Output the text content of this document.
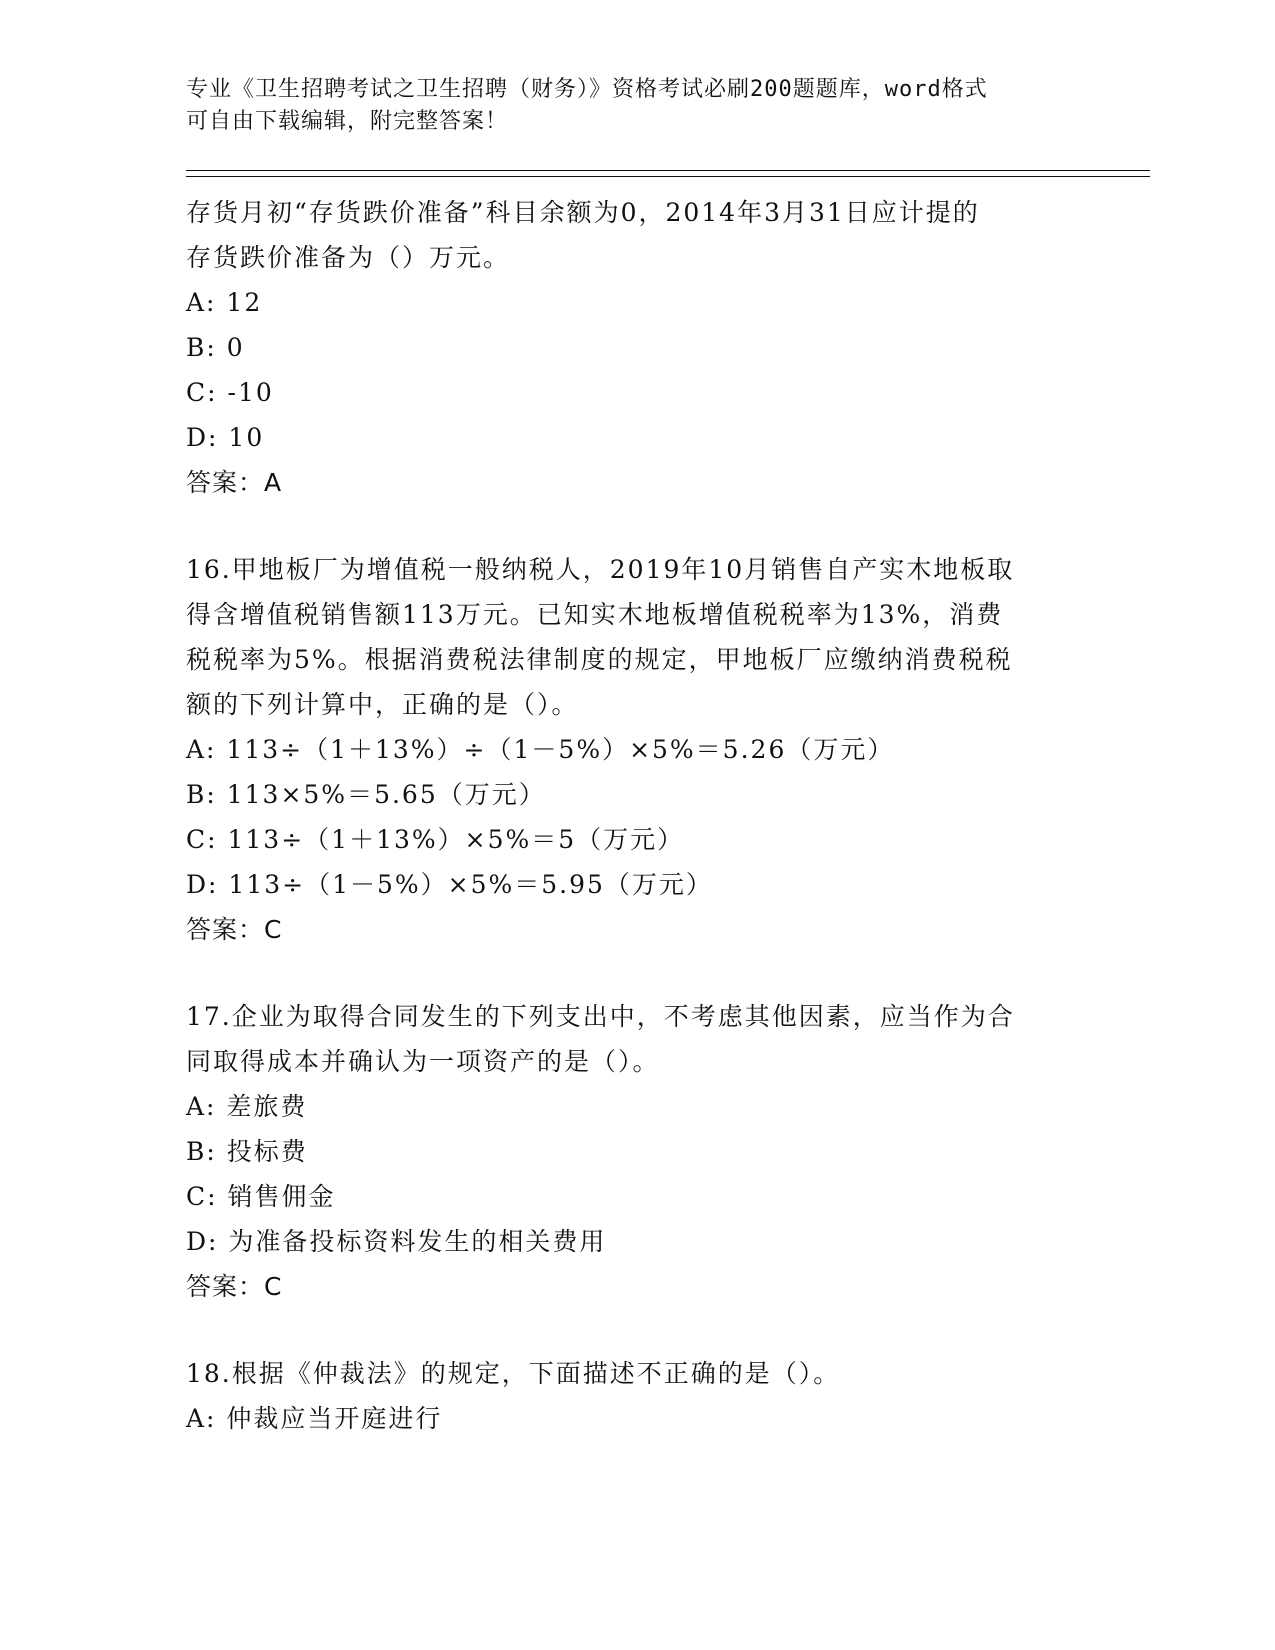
专业《卫生招聘考试之卫生招聘（财务）》资格考试必刷200题题库，word格式
可自由下载编辑，附完整答案！
存货月初“存货跌价准备”科目余额为0，2014年3月31日应计提的
存货跌价准备为（）万元。
A: 12
B: 0
C: -10
D: 10
答案：A
16.甲地板厂为增值税一般纳税人，2019年10月销售自产实木地板取
得含增值税销售额113万元。已知实木地板增值税税率为13%，消费
税税率为5%。根据消费税法律制度的规定，甲地板厂应缴纳消费税税
额的下列计算中，正确的是（）。
A: 113÷（1＋13%）÷（1－5%）×5%＝5.26（万元）
B: 113×5%＝5.65（万元）
C: 113÷（1＋13%）×5%＝5（万元）
D: 113÷（1－5%）×5%＝5.95（万元）
答案：C
17.企业为取得合同发生的下列支出中，不考虑其他因素，应当作为合
同取得成本并确认为一项资产的是（）。
A: 差旅费
B: 投标费
C: 销售佣金
D: 为准备投标资料发生的相关费用
答案：C
18.根据《仲裁法》的规定，下面描述不正确的是（）。
A: 仲裁应当开庭进行
